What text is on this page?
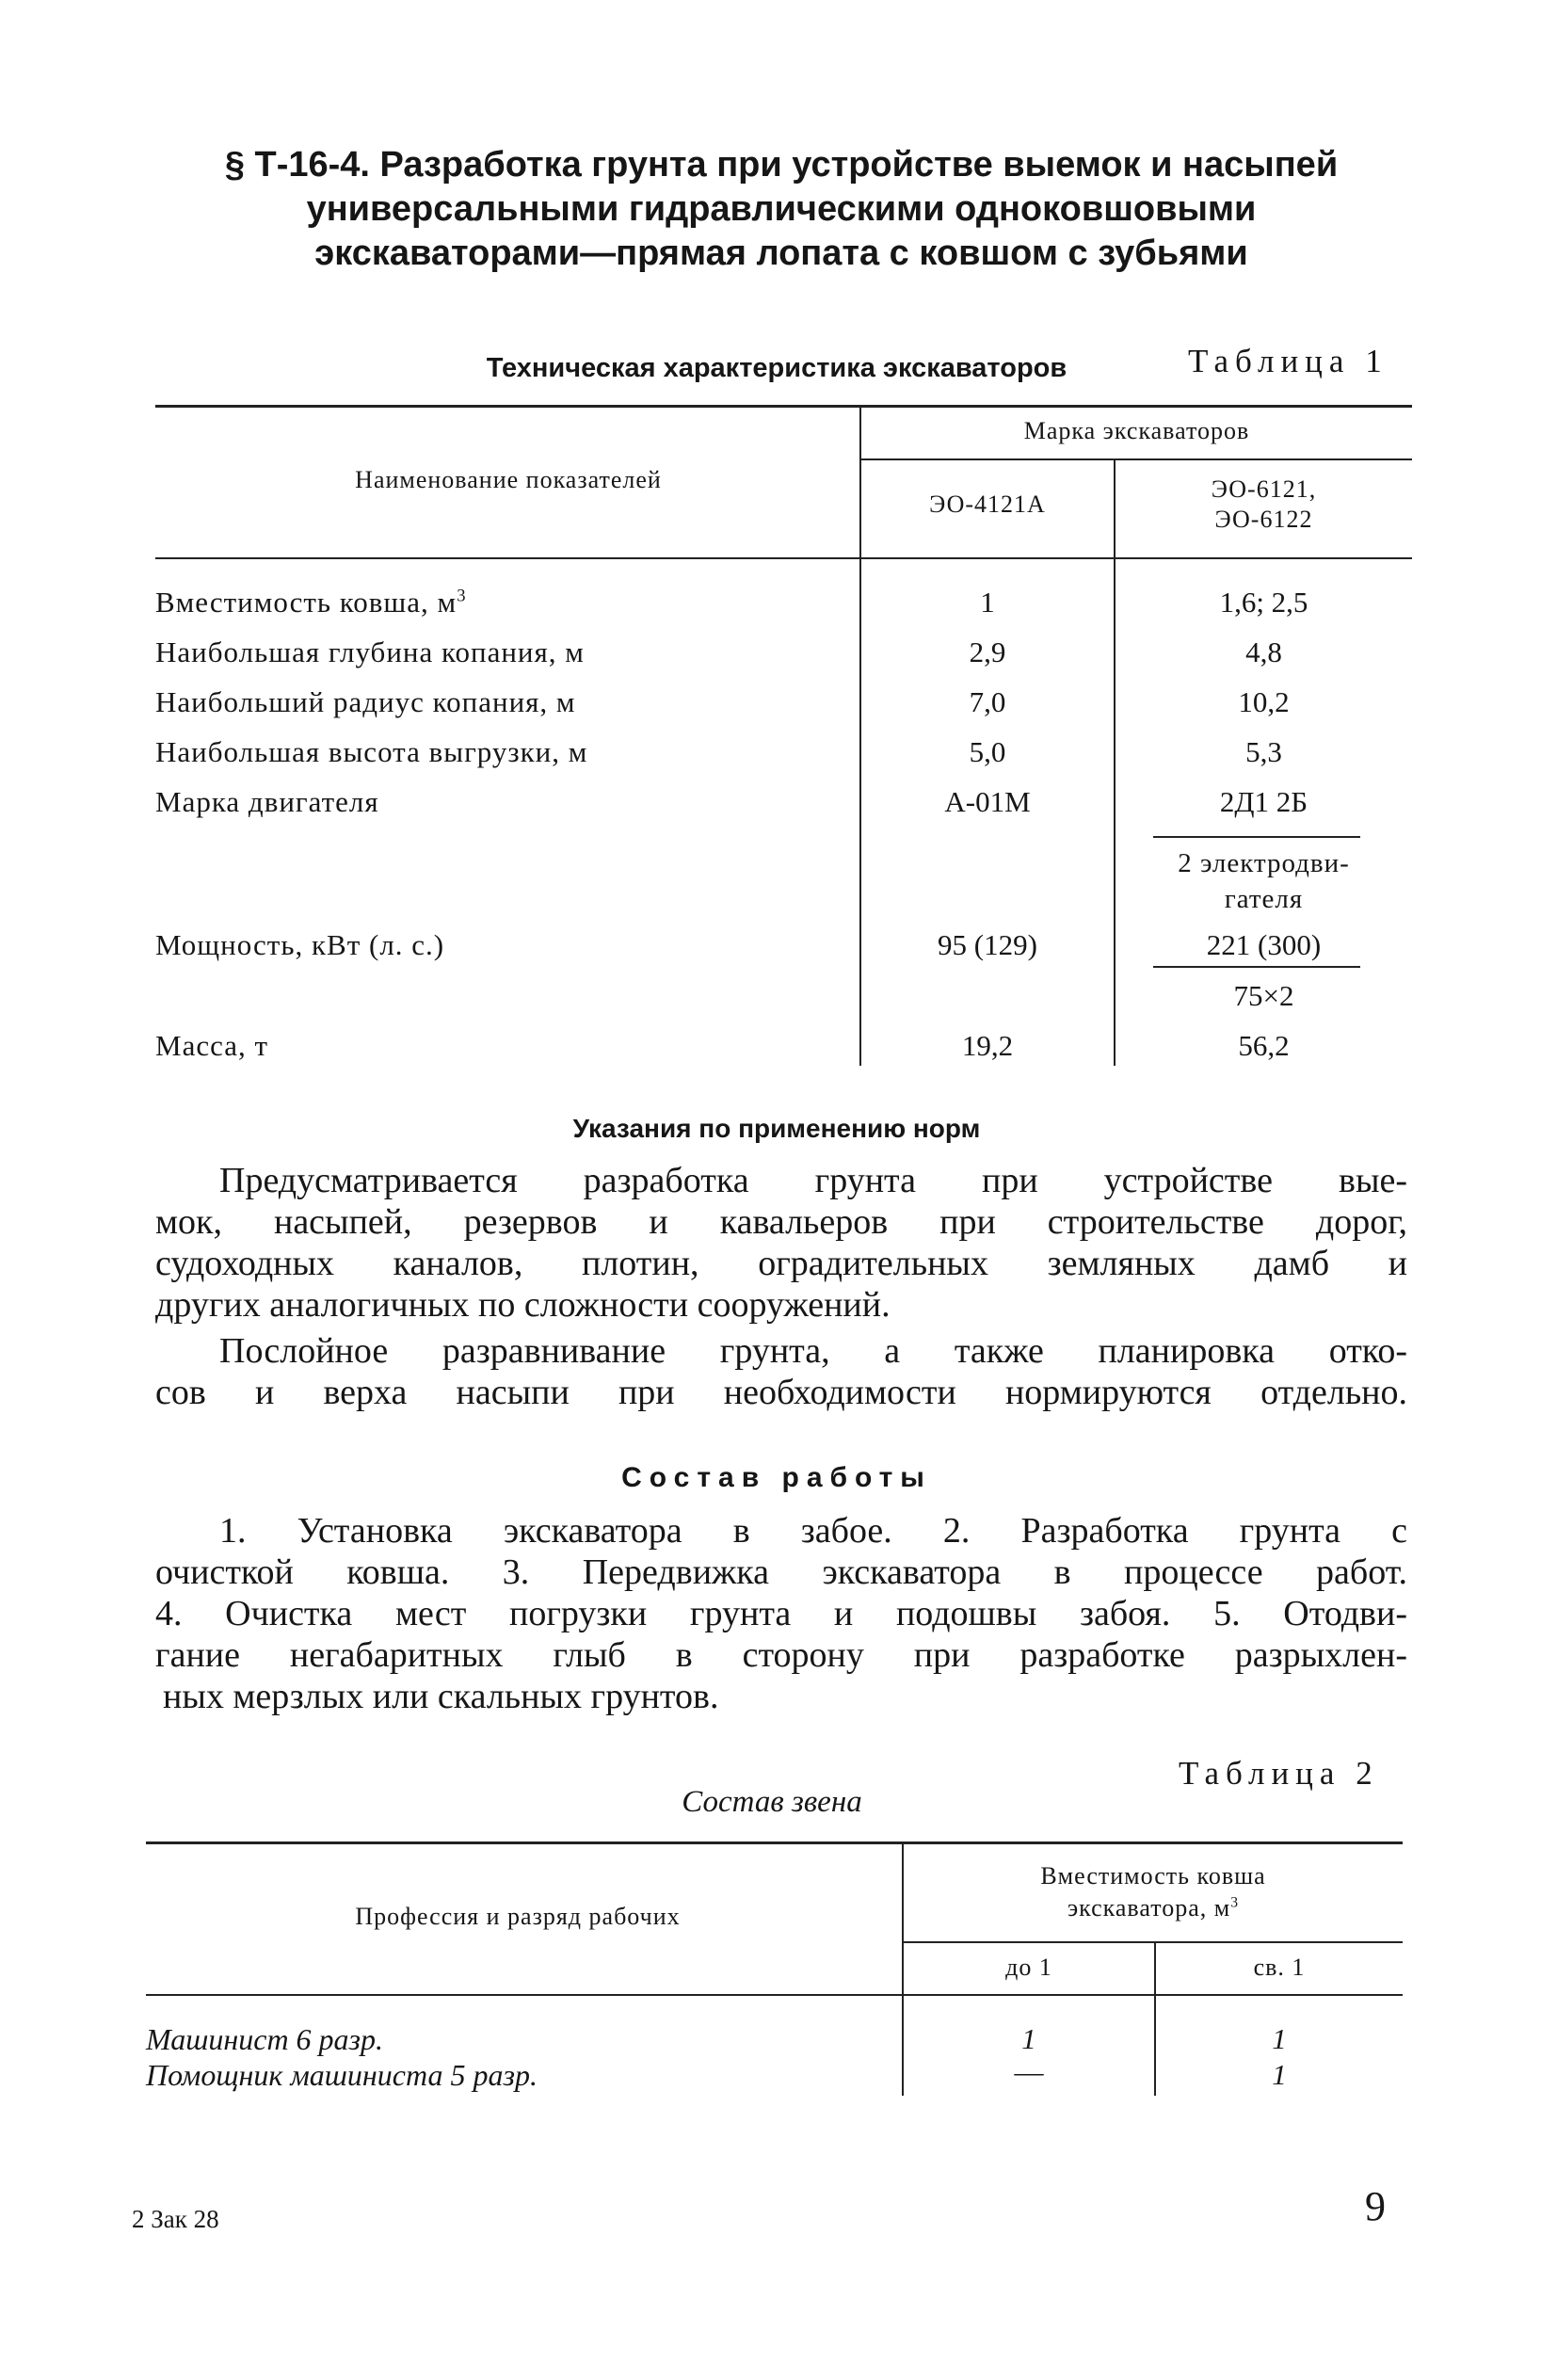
§ Т-16-4. Разработка грунта при устройстве выемок и насыпей
универсальными гидравлическими одноковшовыми
экскаваторами—прямая лопата с ковшом с зубьями
Таблица 1
Техническая характеристика экскаваторов
Наименование показателей
Марка экскаваторов
ЭО-4121А
ЭО-6121,
ЭО-6122
Вместимость ковша, $м^3$
Наибольшая глубина копания, м
Наибольший радиус копания, м
Наибольшая высота выгрузки, м
Марка двигателя
Мощность, кВт (л. с.)
Масса, т
1
2,9
7,0
5,0
А-01М
95 (129)
19,2
1,6; 2,5
4,8
10,2
5,3
2Д1 2Б
2 электродви-
гателя
221 (300)
75×2
56,2
Указания по применению норм
Предусматривается разработка грунта при устройстве вые-
мок, насыпей, резервов и кавальеров при строительстве дорог,
судоходных каналов, плотин, оградительных земляных дамб и
других аналогичных по сложности сооружений.
Послойное разравнивание грунта, а также планировка отко-
сов и верха насыпи при необходимости нормируются отдельно.
Состав работы
1. Установка экскаватора в забое. 2. Разработка грунта с
очисткой ковша. 3. Передвижка экскаватора в процессе работ.
4. Очистка мест погрузки грунта и подошвы забоя. 5. Отодви-
гание негабаритных глыб в сторону при разработке разрыхлен-
ных мерзлых или скальных грунтов.
Таблица 2
Состав звена
Профессия и разряд рабочих
Вместимость ковша
экскаватора, $м^3$
до 1	св. 1
Машинист 6 разр.
Помощник машиниста 5 разр.
1
—
1
1
2 Зак 28	9
